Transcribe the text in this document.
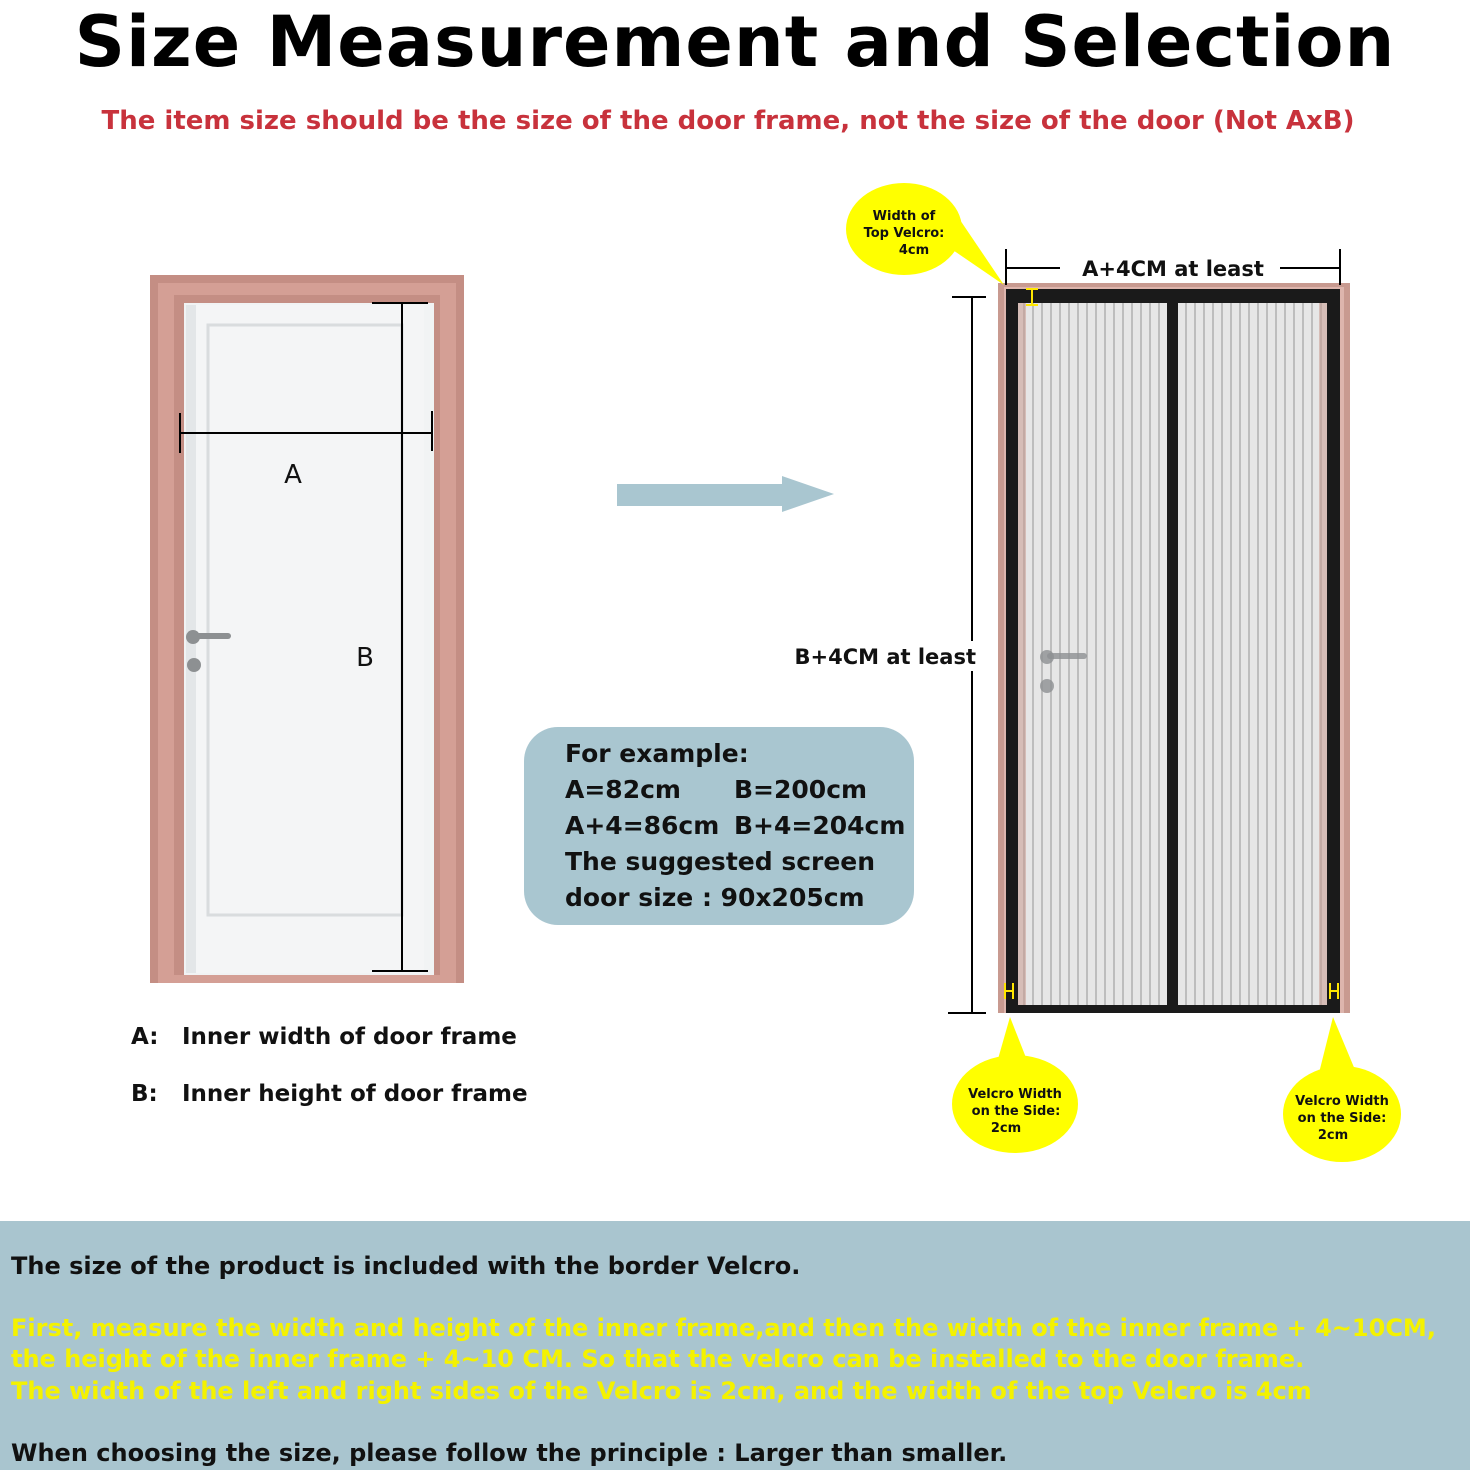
Size Measurement and Selection
The item size should be the size of the door frame, not the size of the door (Not AxB)
A
B
A: Inner width of door frame
B: Inner height of door frame
For example:
A=82cm B=200cm
A+4=86cm B+4=204cm
The suggested screen
door size : 90x205cm
A+4CM at least
B+4CM at least
Width of
Top Velcro:
4cm
Velcro Width
on the Side:
2cm
Velcro Width
on the Side:
2cm
The size of the product is included with the border Velcro.
First, measure the width and height of the inner frame,and then the width of the inner frame + 4~10CM,
the height of the inner frame + 4~10 CM. So that the velcro can be installed to the door frame.
The width of the left and right sides of the Velcro is 2cm, and the width of the top Velcro is 4cm
When choosing the size, please follow the principle : Larger than smaller.
